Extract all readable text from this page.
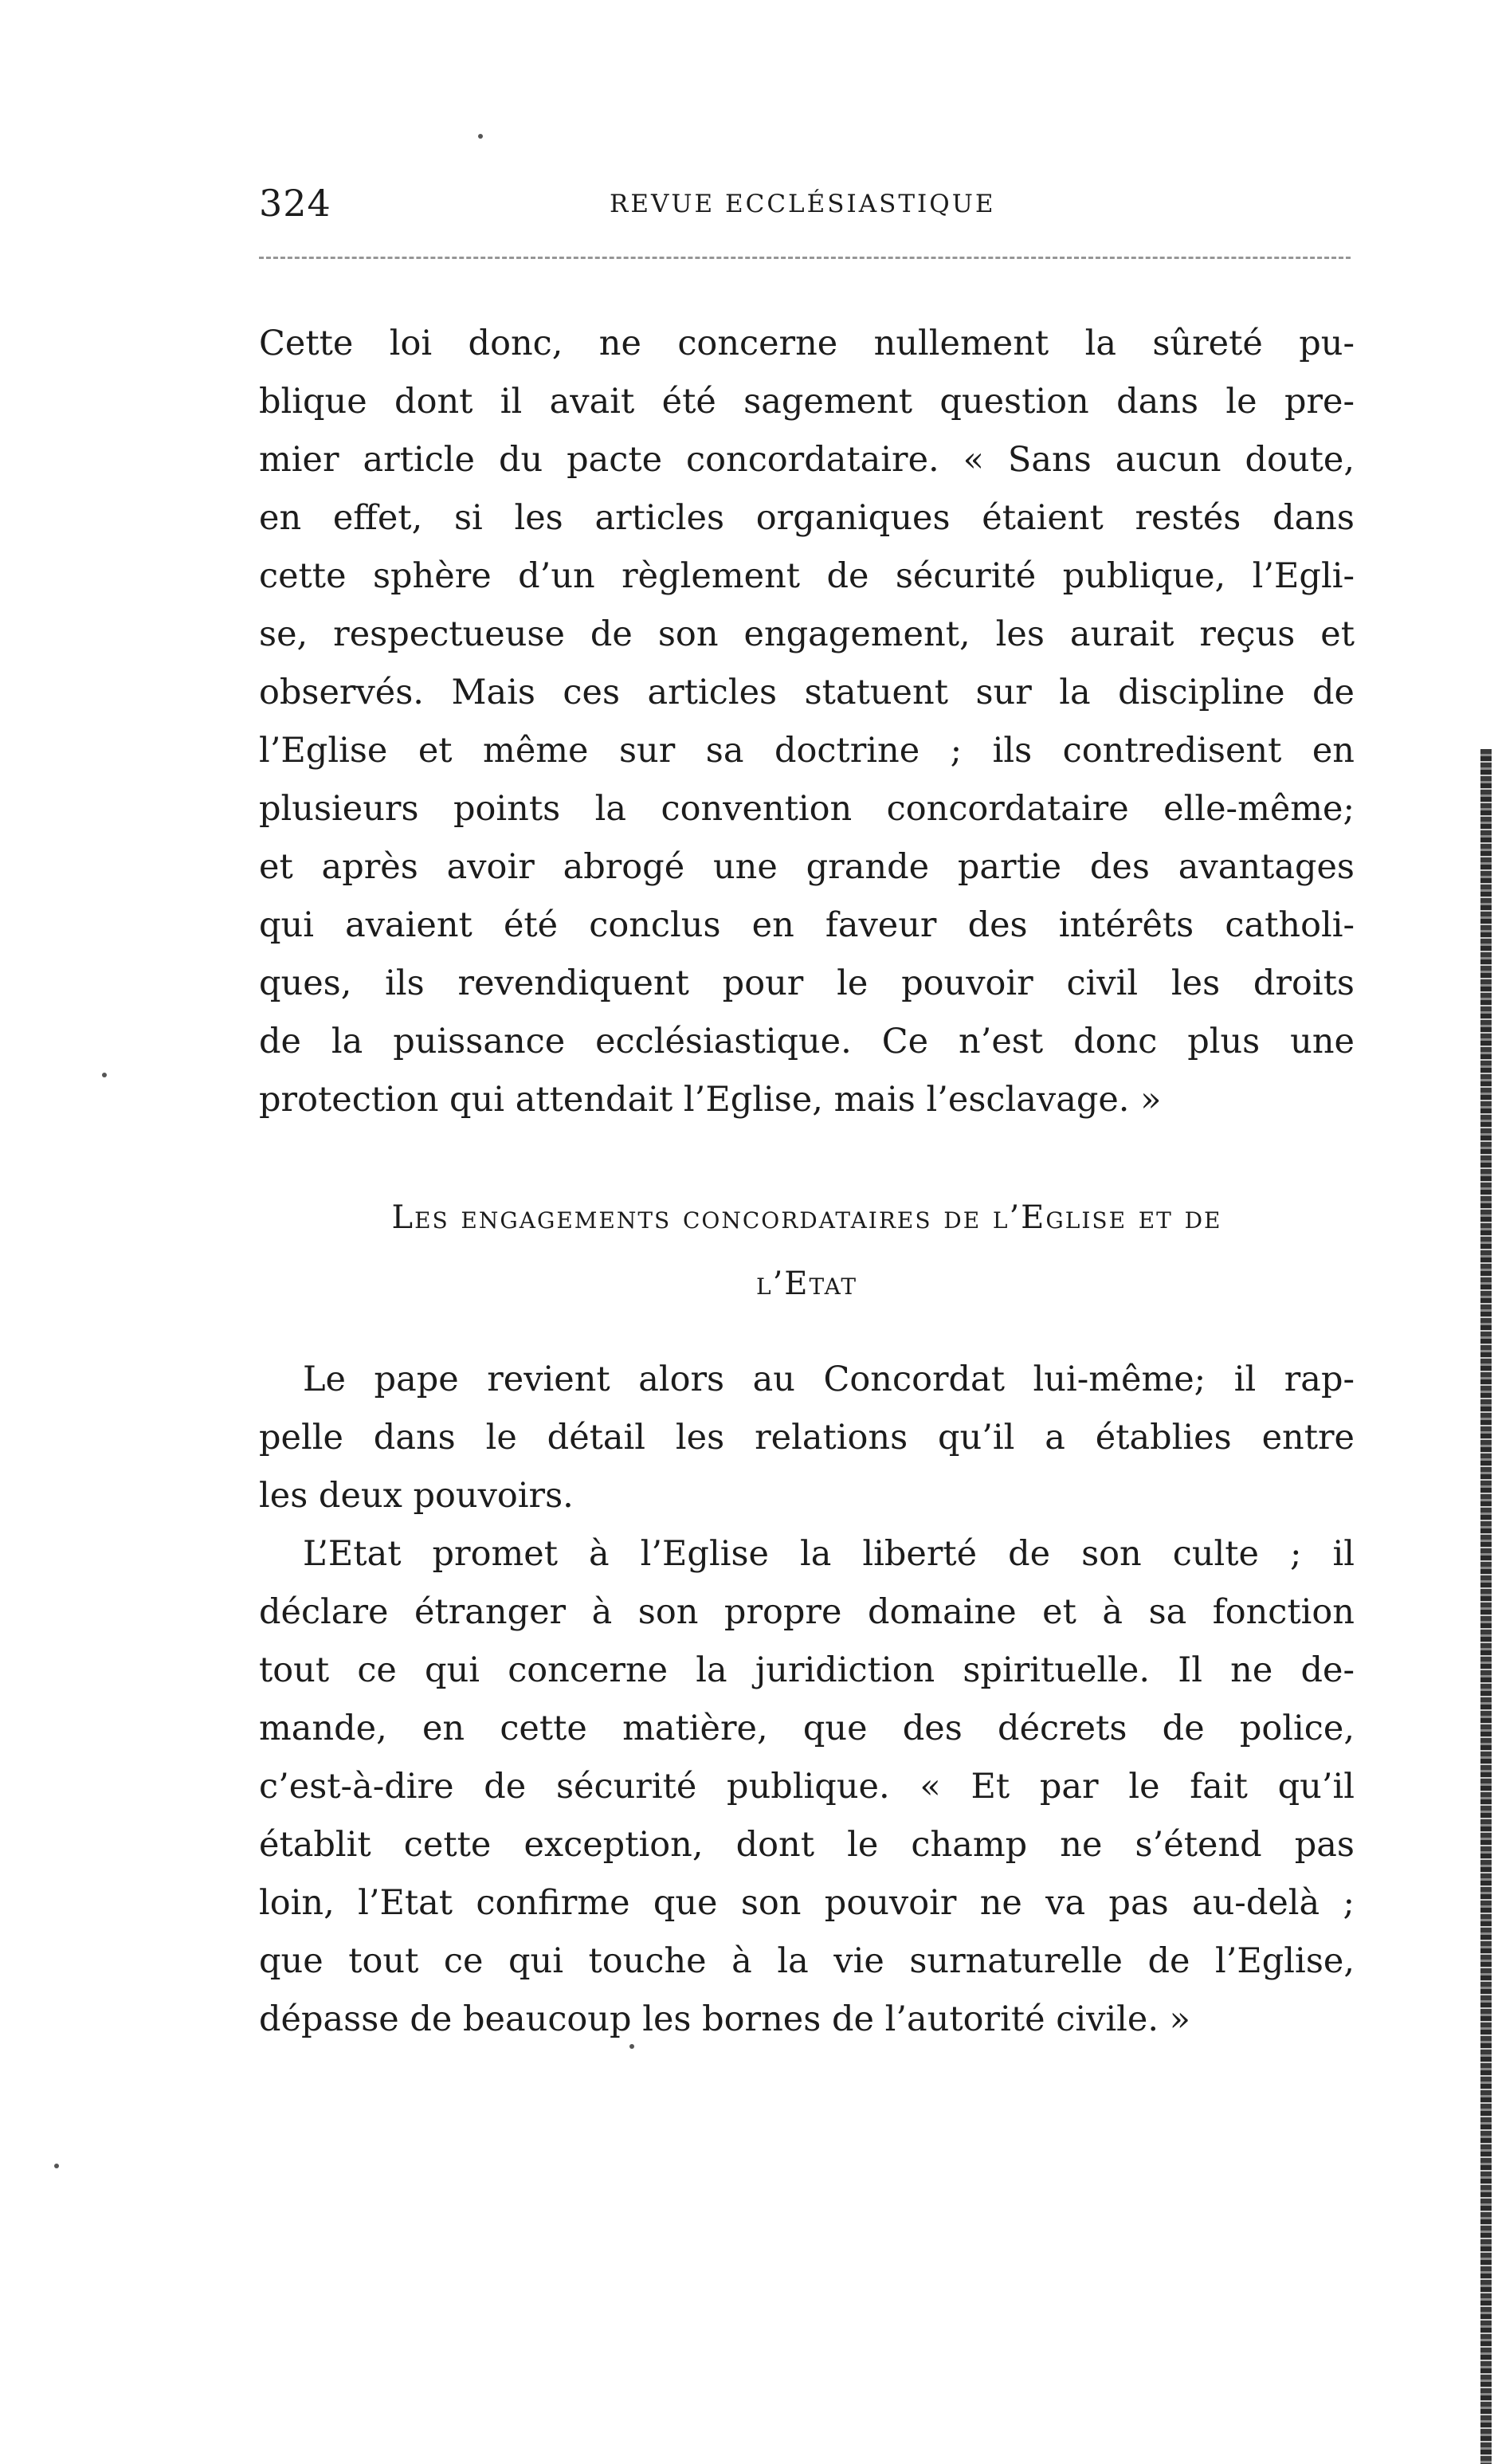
324	REVUE ECCLÉSIASTIQUE
Cette loi donc, ne concerne nullement la sûreté pu-
blique dont il avait été sagement question dans le pre-
mier article du pacte concordataire. « Sans aucun doute,
en effet, si les articles organiques étaient restés dans
cette sphère d’un règlement de sécurité publique, l’Egli-
se, respectueuse de son engagement, les aurait reçus et
observés. Mais ces articles statuent sur la discipline de
l’Eglise et même sur sa doctrine ; ils contredisent en
plusieurs points la convention concordataire elle-même;
et après avoir abrogé une grande partie des avantages
qui avaient été conclus en faveur des intérêts catholi-
ques, ils revendiquent pour le pouvoir civil les droits
de la puissance ecclésiastique. Ce n’est donc plus une
protection qui attendait l’Eglise, mais l’esclavage. »
Les engagements concordataires de l’Eglise et de
l’Etat
Le pape revient alors au Concordat lui-même; il rap-
pelle dans le détail les relations qu’il a établies entre
les deux pouvoirs.
L’Etat promet à l’Eglise la liberté de son culte ; il
déclare étranger à son propre domaine et à sa fonction
tout ce qui concerne la juridiction spirituelle. Il ne de-
mande, en cette matière, que des décrets de police,
c’est-à-dire de sécurité publique. « Et par le fait qu’il
établit cette exception, dont le champ ne s’étend pas
loin, l’Etat confirme que son pouvoir ne va pas au-delà ;
que tout ce qui touche à la vie surnaturelle de l’Eglise,
dépasse de beaucoup les bornes de l’autorité civile. »
